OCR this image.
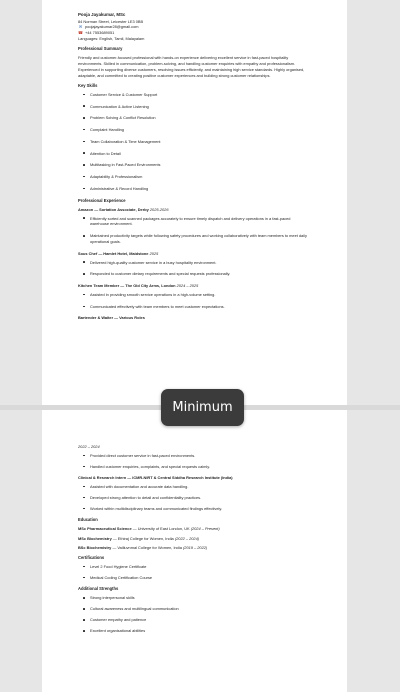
Pooja Jayakumar, MSc
84 Norman Street, Leicester LE3 0BB
✉ poojajayakumar28@gmail.com
☎ +44 7553689051
Languages: English, Tamil, Malayalam
Professional Summary
Friendly and customer-focused professional with hands-on experience delivering excellent service in fast-paced hospitality environments. Skilled in communication, problem-solving, and handling customer enquiries with empathy and professionalism. Experienced in supporting diverse customers, resolving issues efficiently, and maintaining high service standards. Highly organised, adaptable, and committed to creating positive customer experiences and building strong customer relationships.
Key Skills
Customer Service & Customer Support
Communication & Active Listening
Problem Solving & Conflict Resolution
Complaint Handling
Team Collaboration & Time Management
Attention to Detail
Multitasking in Fast-Paced Environments
Adaptability & Professionalism
Administrative & Record Handling
Professional Experience
Amazon — Sortation Associate, Derby 2025-2026
Efficiently sorted and scanned packages accurately to ensure timely dispatch and delivery operations in a fast-paced warehouse environment.
Maintained productivity targets while following safety procedures and working collaboratively with team members to meet daily operational goals.
Sous Chef — Hamlet Hotel, Maidstone 2025
Delivered high-quality customer service in a busy hospitality environment.
Responded to customer dietary requirements and special requests professionally.
Kitchen Team Member — The Old City Arms, London 2024 – 2025
Assisted in providing smooth service operations in a high-volume setting.
Communicated effectively with team members to meet customer expectations.
Bartender & Waiter — Various Roles
2022 – 2024
Provided direct customer service in fast-paced environments.
Handled customer enquiries, complaints, and special requests calmly.
Clinical & Research Intern — ICMR-NIRT & Central Siddha Research Institute (India)
Assisted with documentation and accurate data handling.
Developed strong attention to detail and confidentiality practices.
Worked within multidisciplinary teams and communicated findings effectively.
Education
MSc Pharmaceutical Science — University of East London, UK (2024 – Present)
MSc Biochemistry — Ethiraj College for Women, India (2022 – 2024)
BSc Biochemistry — Vailluvnmal College for Women, India (2019 – 2022)
Certifications
Level 2 Food Hygiene Certificate
Medical Coding Certification Course
Additional Strengths
Strong interpersonal skills
Cultural awareness and multilingual communication
Customer empathy and patience
Excellent organisational abilities
Minimum
